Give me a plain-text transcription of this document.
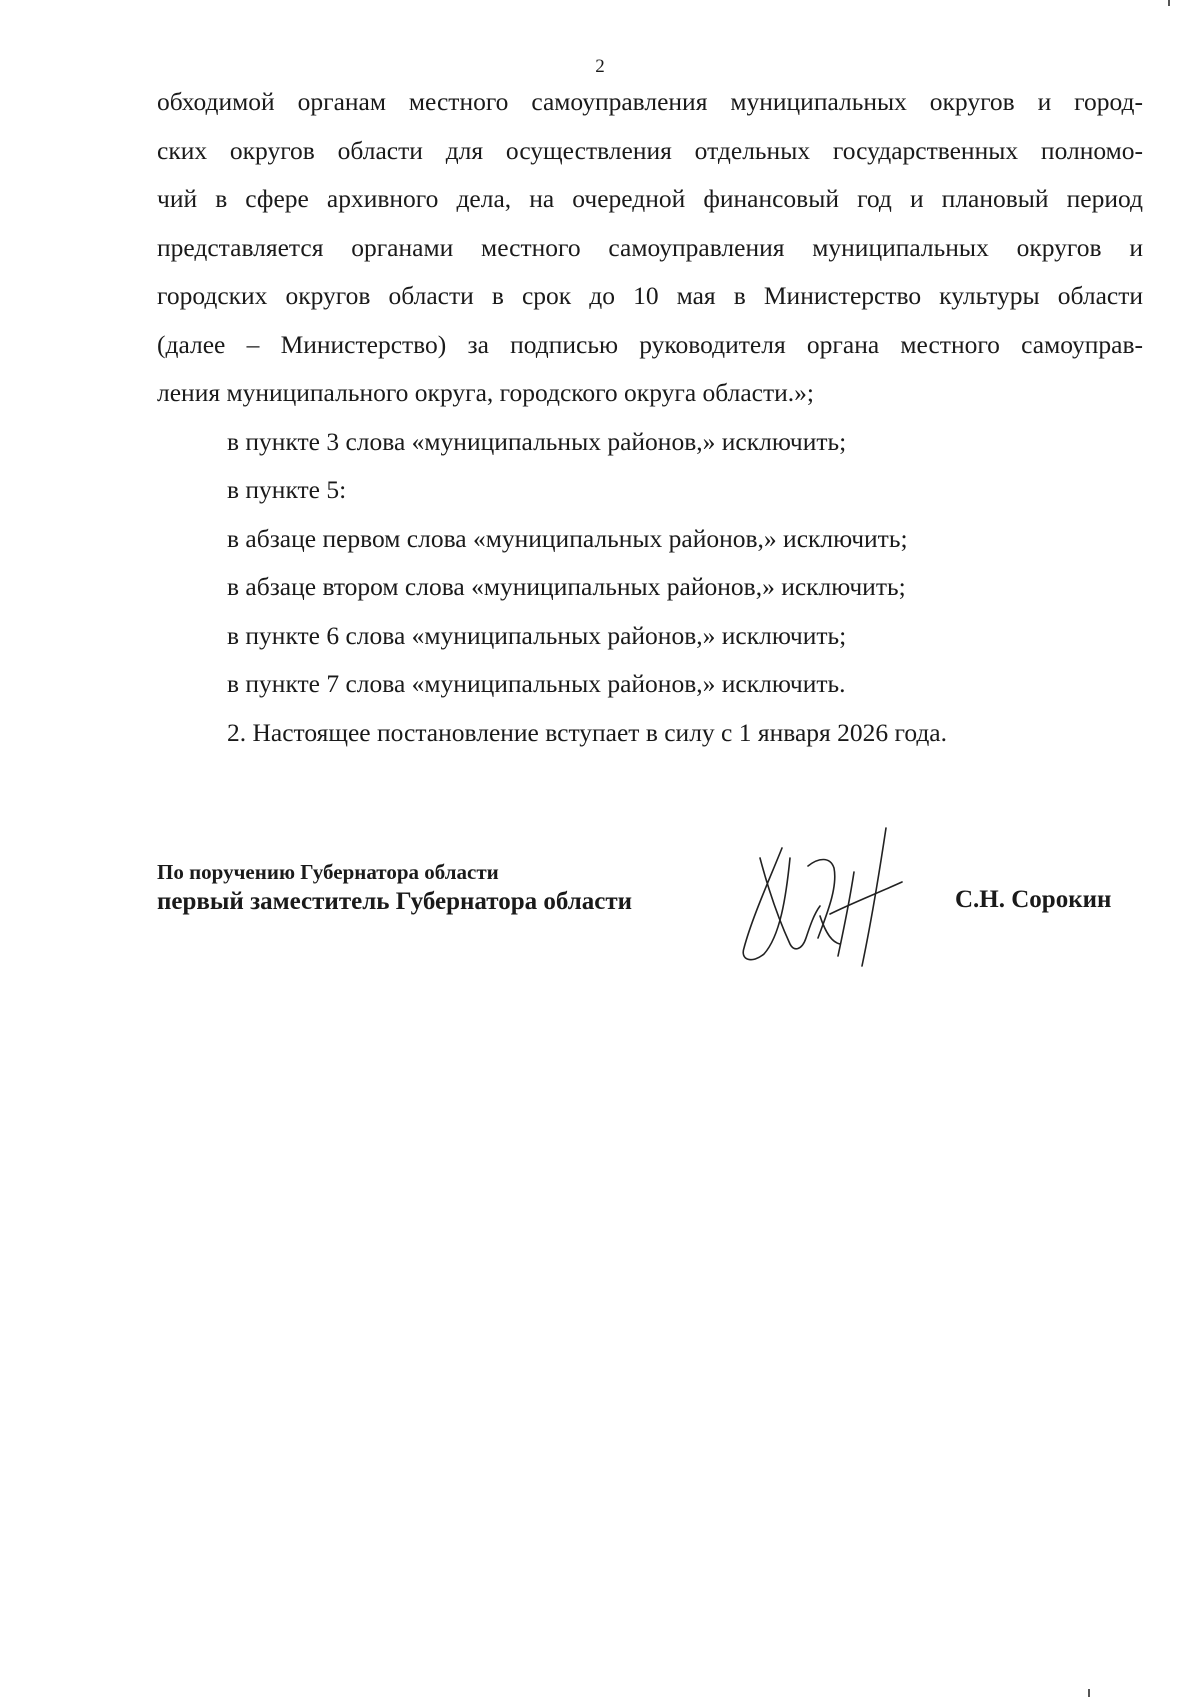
2
обходимой органам местного самоуправления муниципальных округов и город-
ских округов области для осуществления отдельных государственных полномо-
чий в сфере архивного дела, на очередной финансовый год и плановый период
представляется органами местного самоуправления муниципальных округов и
городских округов области в срок до 10 мая в Министерство культуры области
(далее – Министерство) за подписью руководителя органа местного самоуправ-
ления муниципального округа, городского округа области.»;
в пункте 3 слова «муниципальных районов,» исключить;
в пункте 5:
в абзаце первом слова «муниципальных районов,» исключить;
в абзаце втором слова «муниципальных районов,» исключить;
в пункте 6 слова «муниципальных районов,» исключить;
в пункте 7 слова «муниципальных районов,» исключить.
2. Настоящее постановление вступает в силу с 1 января 2026 года.
По поручению Губернатора области
первый заместитель Губернатора области	С.Н. Сорокин
